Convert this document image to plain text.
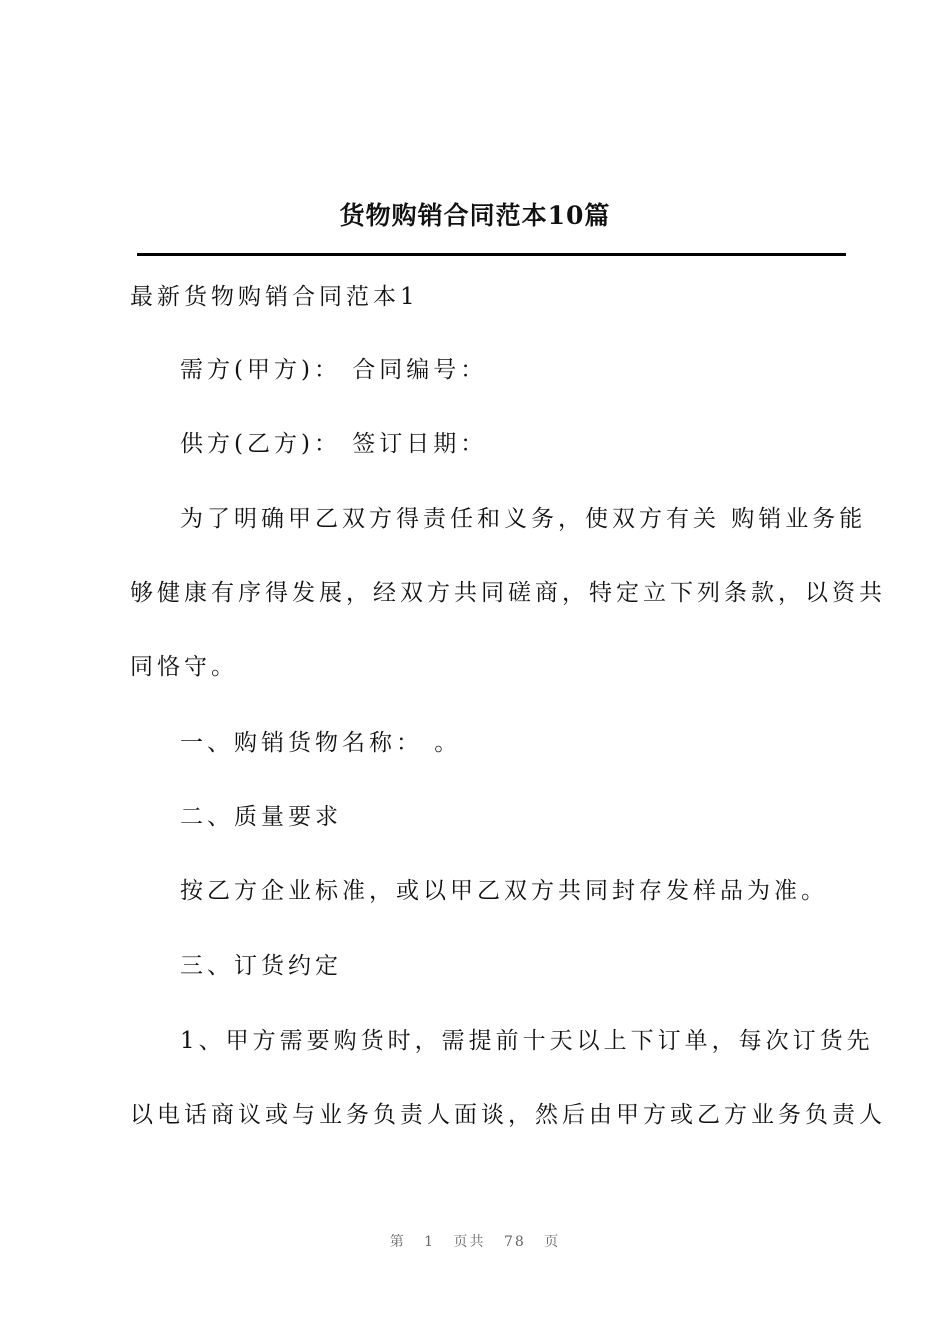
货物购销合同范本10篇
最新货物购销合同范本1
需方(甲方)： 合同编号：
供方(乙方)： 签订日期：
为了明确甲乙双方得责任和义务，使双方有关 购销业务能
够健康有序得发展，经双方共同磋商，特定立下列条款，以资共
同恪守。
一、购销货物名称： 。
二、质量要求
按乙方企业标准，或以甲乙双方共同封存发样品为准。
三、订货约定
1、甲方需要购货时，需提前十天以上下订单，每次订货先
以电话商议或与业务负责人面谈，然后由甲方或乙方业务负责人
第 1 页共 78 页
